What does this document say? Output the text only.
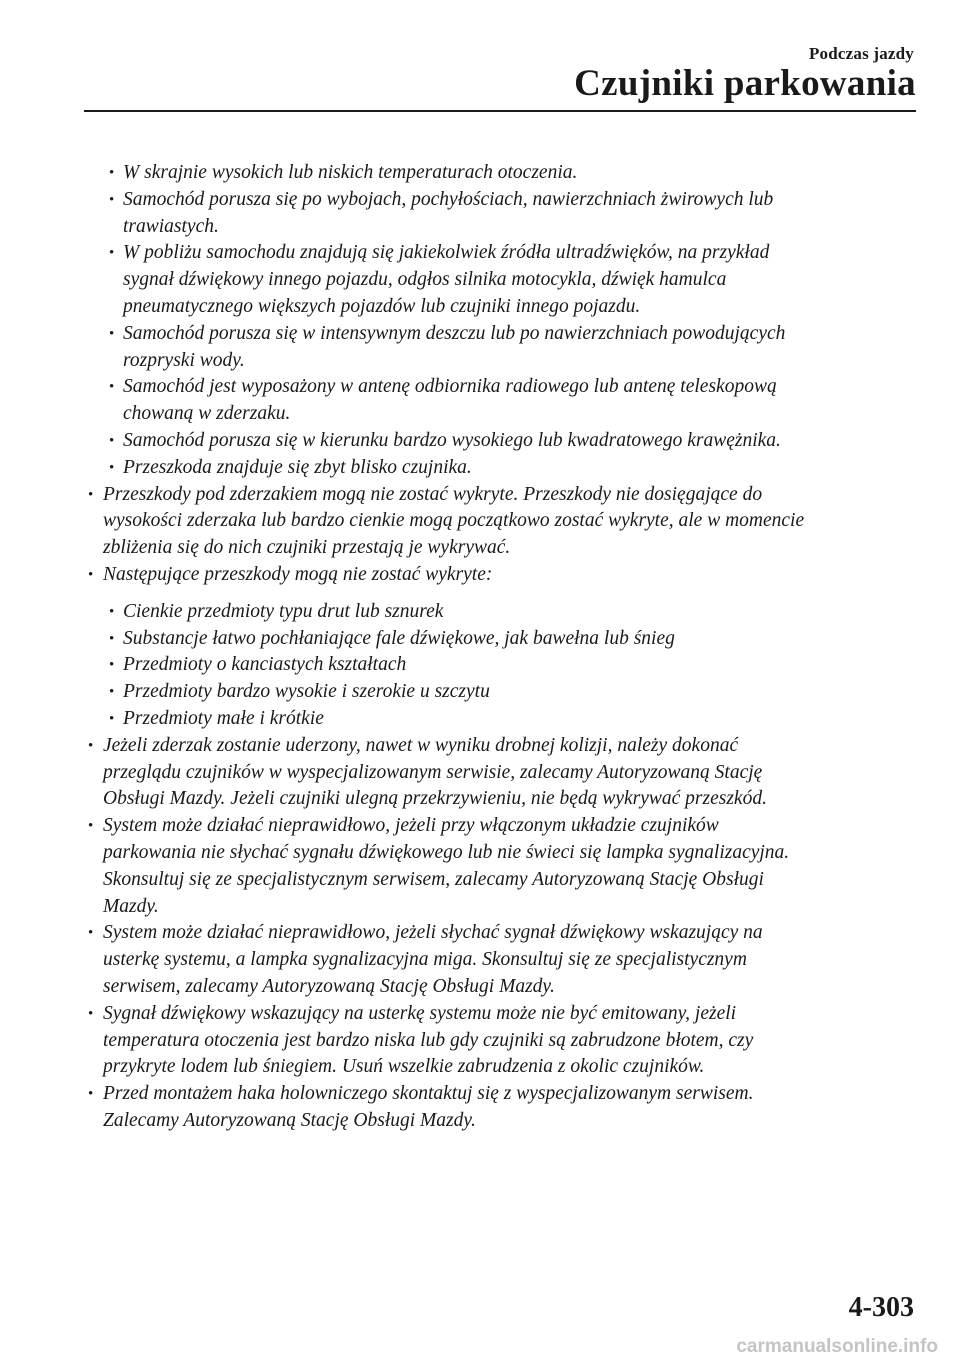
Podczas jazdy
Czujniki parkowania
• W skrajnie wysokich lub niskich temperaturach otoczenia.
• Samochód porusza się po wybojach, pochyłościach, nawierzchniach żwirowych lub
trawiastych.
• W pobliżu samochodu znajdują się jakiekolwiek źródła ultradźwięków, na przykład
sygnał dźwiękowy innego pojazdu, odgłos silnika motocykla, dźwięk hamulca
pneumatycznego większych pojazdów lub czujniki innego pojazdu.
• Samochód porusza się w intensywnym deszczu lub po nawierzchniach powodujących
rozpryski wody.
• Samochód jest wyposażony w antenę odbiornika radiowego lub antenę teleskopową
chowaną w zderzaku.
• Samochód porusza się w kierunku bardzo wysokiego lub kwadratowego krawężnika.
• Przeszkoda znajduje się zbyt blisko czujnika.
• Przeszkody pod zderzakiem mogą nie zostać wykryte. Przeszkody nie dosięgające do
wysokości zderzaka lub bardzo cienkie mogą początkowo zostać wykryte, ale w momencie
zbliżenia się do nich czujniki przestają je wykrywać.
• Następujące przeszkody mogą nie zostać wykryte:
• Cienkie przedmioty typu drut lub sznurek
• Substancje łatwo pochłaniające fale dźwiękowe, jak bawełna lub śnieg
• Przedmioty o kanciastych kształtach
• Przedmioty bardzo wysokie i szerokie u szczytu
• Przedmioty małe i krótkie
• Jeżeli zderzak zostanie uderzony, nawet w wyniku drobnej kolizji, należy dokonać
przeglądu czujników w wyspecjalizowanym serwisie, zalecamy Autoryzowaną Stację
Obsługi Mazdy. Jeżeli czujniki ulegną przekrzywieniu, nie będą wykrywać przeszkód.
• System może działać nieprawidłowo, jeżeli przy włączonym układzie czujników
parkowania nie słychać sygnału dźwiękowego lub nie świeci się lampka sygnalizacyjna.
Skonsultuj się ze specjalistycznym serwisem, zalecamy Autoryzowaną Stację Obsługi
Mazdy.
• System może działać nieprawidłowo, jeżeli słychać sygnał dźwiękowy wskazujący na
usterkę systemu, a lampka sygnalizacyjna miga. Skonsultuj się ze specjalistycznym
serwisem, zalecamy Autoryzowaną Stację Obsługi Mazdy.
• Sygnał dźwiękowy wskazujący na usterkę systemu może nie być emitowany, jeżeli
temperatura otoczenia jest bardzo niska lub gdy czujniki są zabrudzone błotem, czy
przykryte lodem lub śniegiem. Usuń wszelkie zabrudzenia z okolic czujników.
• Przed montażem haka holowniczego skontaktuj się z wyspecjalizowanym serwisem.
Zalecamy Autoryzowaną Stację Obsługi Mazdy.
4-303
carmanualsonline.info
